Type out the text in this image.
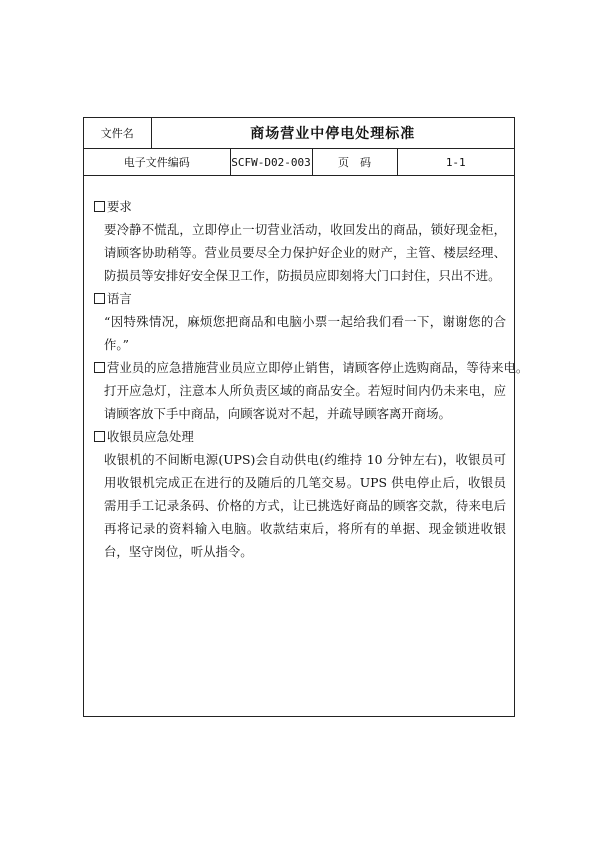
文件名	商场营业中停电处理标准			
电子文件编码		SCFW-D02-003	页　码	1-1
要求
要冷静不慌乱，立即停止一切营业活动，收回发出的商品，锁好现金柜，请顾客协助稍等。营业员要尽全力保护好企业的财产，主管、楼层经理、防损员等安排好安全保卫工作，防损员应即刻将大门口封住，只出不进。
语言
“因特殊情况，麻烦您把商品和电脑小票一起给我们看一下，谢谢您的合作。”
营业员的应急措施营业员应立即停止销售，请顾客停止选购商品，等待来电。
打开应急灯，注意本人所负责区域的商品安全。若短时间内仍未来电，应请顾客放下手中商品，向顾客说对不起，并疏导顾客离开商场。
收银员应急处理
收银机的不间断电源(UPS)会自动供电(约维持 10 分钟左右)，收银员可用收银机完成正在进行的及随后的几笔交易。UPS 供电停止后，收银员需用手工记录条码、价格的方式，让已挑选好商品的顾客交款，待来电后再将记录的资料输入电脑。收款结束后，将所有的单据、现金锁进收银台，坚守岗位，听从指令。
